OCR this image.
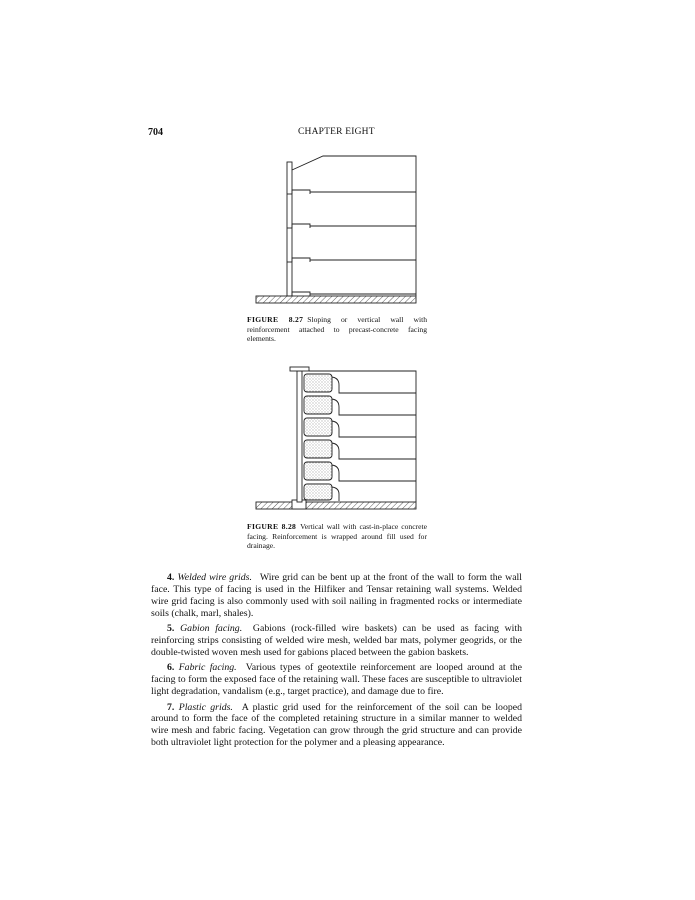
704	CHAPTER EIGHT
FIGURE 8.27 Sloping or vertical wall with reinforcement attached to precast-concrete facing elements.
FIGURE 8.28 Vertical wall with cast-in-place concrete facing. Reinforcement is wrapped around fill used for drainage.

4. Welded wire grids. Wire grid can be bent up at the front of the wall to form the wall face. This type of facing is used in the Hilfiker and Tensar retaining wall systems. Welded wire grid facing is also commonly used with soil nailing in fragmented rocks or intermediate soils (chalk, marl, shales).

5. Gabion facing. Gabions (rock-filled wire baskets) can be used as facing with reinforcing strips consisting of welded wire mesh, welded bar mats, polymer geogrids, or the double-twisted woven mesh used for gabions placed between the gabion baskets.

6. Fabric facing. Various types of geotextile reinforcement are looped around at the facing to form the exposed face of the retaining wall. These faces are susceptible to ultraviolet light degradation, vandalism (e.g., target practice), and damage due to fire.

7. Plastic grids. A plastic grid used for the reinforcement of the soil can be looped around to form the face of the completed retaining structure in a similar manner to welded wire mesh and fabric facing. Vegetation can grow through the grid structure and can provide both ultraviolet light protection for the polymer and a pleasing appearance.
